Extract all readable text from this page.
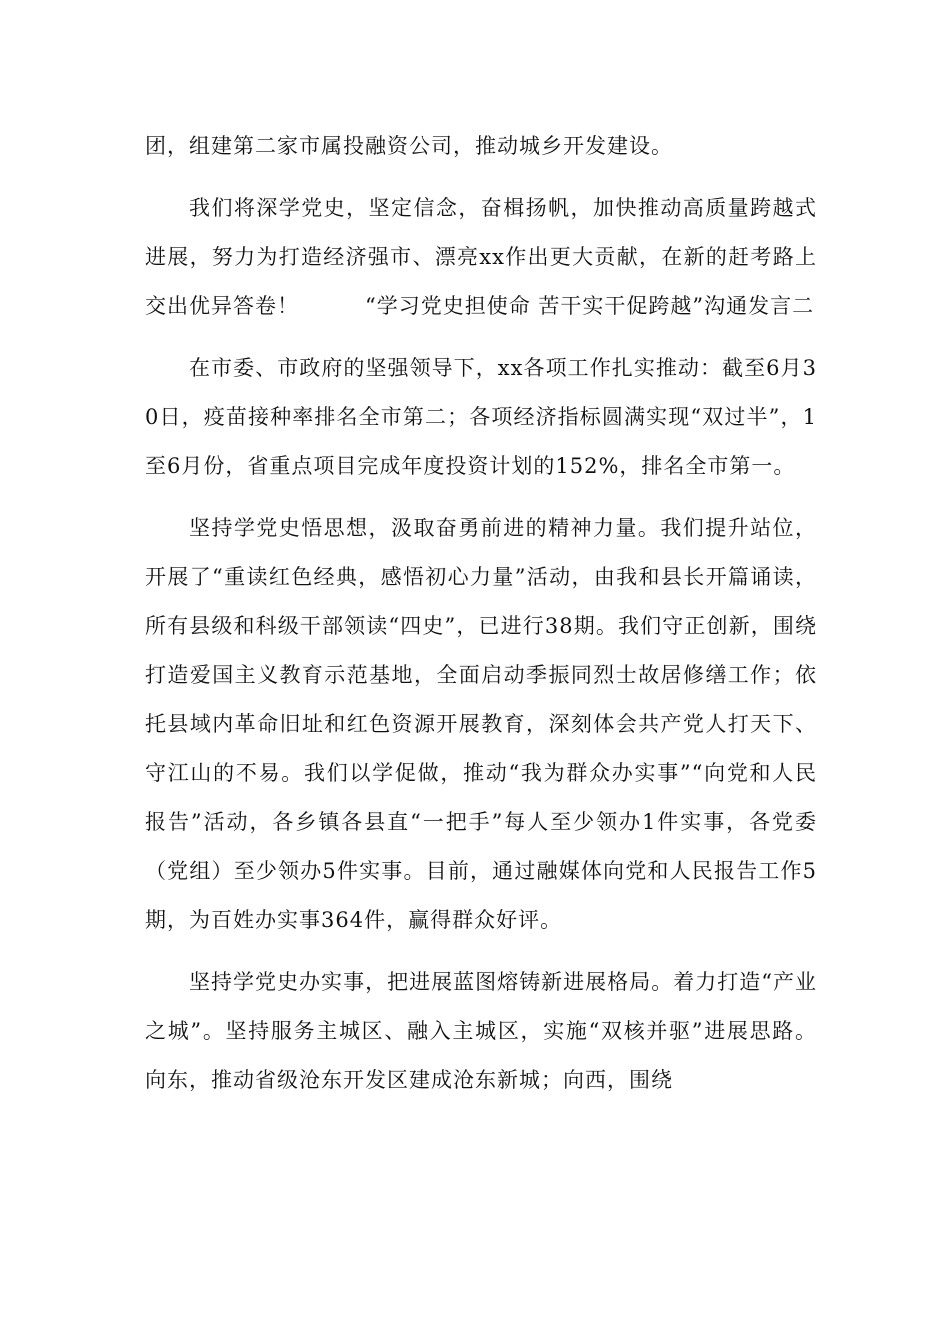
团，组建第二家市属投融资公司，推动城乡开发建设。

我们将深学党史，坚定信念，奋楫扬帆，加快推动高质量跨越式进展，努力为打造经济强市、漂亮xx作出更大贡献，在新的赶考路上交出优异答卷！　　　“学习党史担使命 苦干实干促跨越”沟通发言二

在市委、市政府的坚强领导下，xx各项工作扎实推动：截至6月30日，疫苗接种率排名全市第二；各项经济指标圆满实现“双过半”，1至6月份，省重点项目完成年度投资计划的152%，排名全市第一。

坚持学党史悟思想，汲取奋勇前进的精神力量。我们提升站位，开展了“重读红色经典，感悟初心力量”活动，由我和县长开篇诵读，所有县级和科级干部领读“四史”，已进行38期。我们守正创新，围绕打造爱国主义教育示范基地，全面启动季振同烈士故居修缮工作；依托县域内革命旧址和红色资源开展教育，深刻体会共产党人打天下、守江山的不易。我们以学促做，推动“我为群众办实事”“向党和人民报告”活动，各乡镇各县直“一把手”每人至少领办1件实事，各党委（党组）至少领办5件实事。目前，通过融媒体向党和人民报告工作5期，为百姓办实事364件，赢得群众好评。

坚持学党史办实事，把进展蓝图熔铸新进展格局。着力打造“产业之城”。坚持服务主城区、融入主城区，实施“双核并驱”进展思路。向东，推动省级沧东开发区建成沧东新城；向西，围绕
